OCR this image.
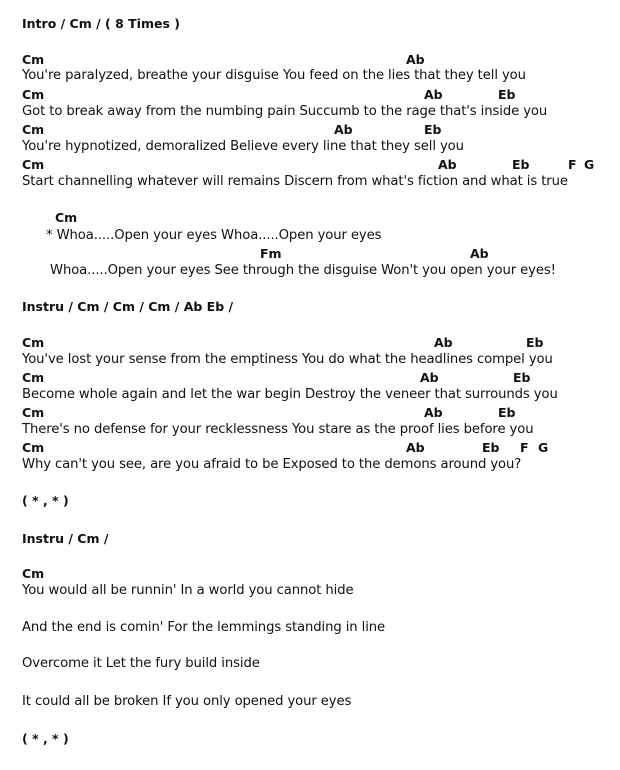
Intro / Cm / ( 8 Times )
Cm	Ab
You're paralyzed, breathe your disguise You feed on the lies that they tell you
Cm	Ab	Eb
Got to break away from the numbing pain Succumb to the rage that's inside you
Cm	Ab	Eb
You're hypnotized, demoralized Believe every line that they sell you
Cm	Ab	Eb	F G
Start channelling whatever will remains Discern from what's fiction and what is true
Cm
* Whoa.....Open your eyes Whoa.....Open your eyes
Fm	Ab
Whoa.....Open your eyes See through the disguise Won't you open your eyes!
Instru / Cm / Cm / Cm / Ab Eb /
Cm	Ab	Eb
You've lost your sense from the emptiness You do what the headlines compel you
Cm	Ab	Eb
Become whole again and let the war begin Destroy the veneer that surrounds you
Cm	Ab	Eb
There's no defense for your recklessness You stare as the proof lies before you
Cm	Ab	Eb F G
Why can't you see, are you afraid to be Exposed to the demons around you?
( * , * )
Instru / Cm /
Cm
You would all be runnin' In a world you cannot hide
And the end is comin' For the lemmings standing in line
Overcome it Let the fury build inside
It could all be broken If you only opened your eyes
( * , * )
